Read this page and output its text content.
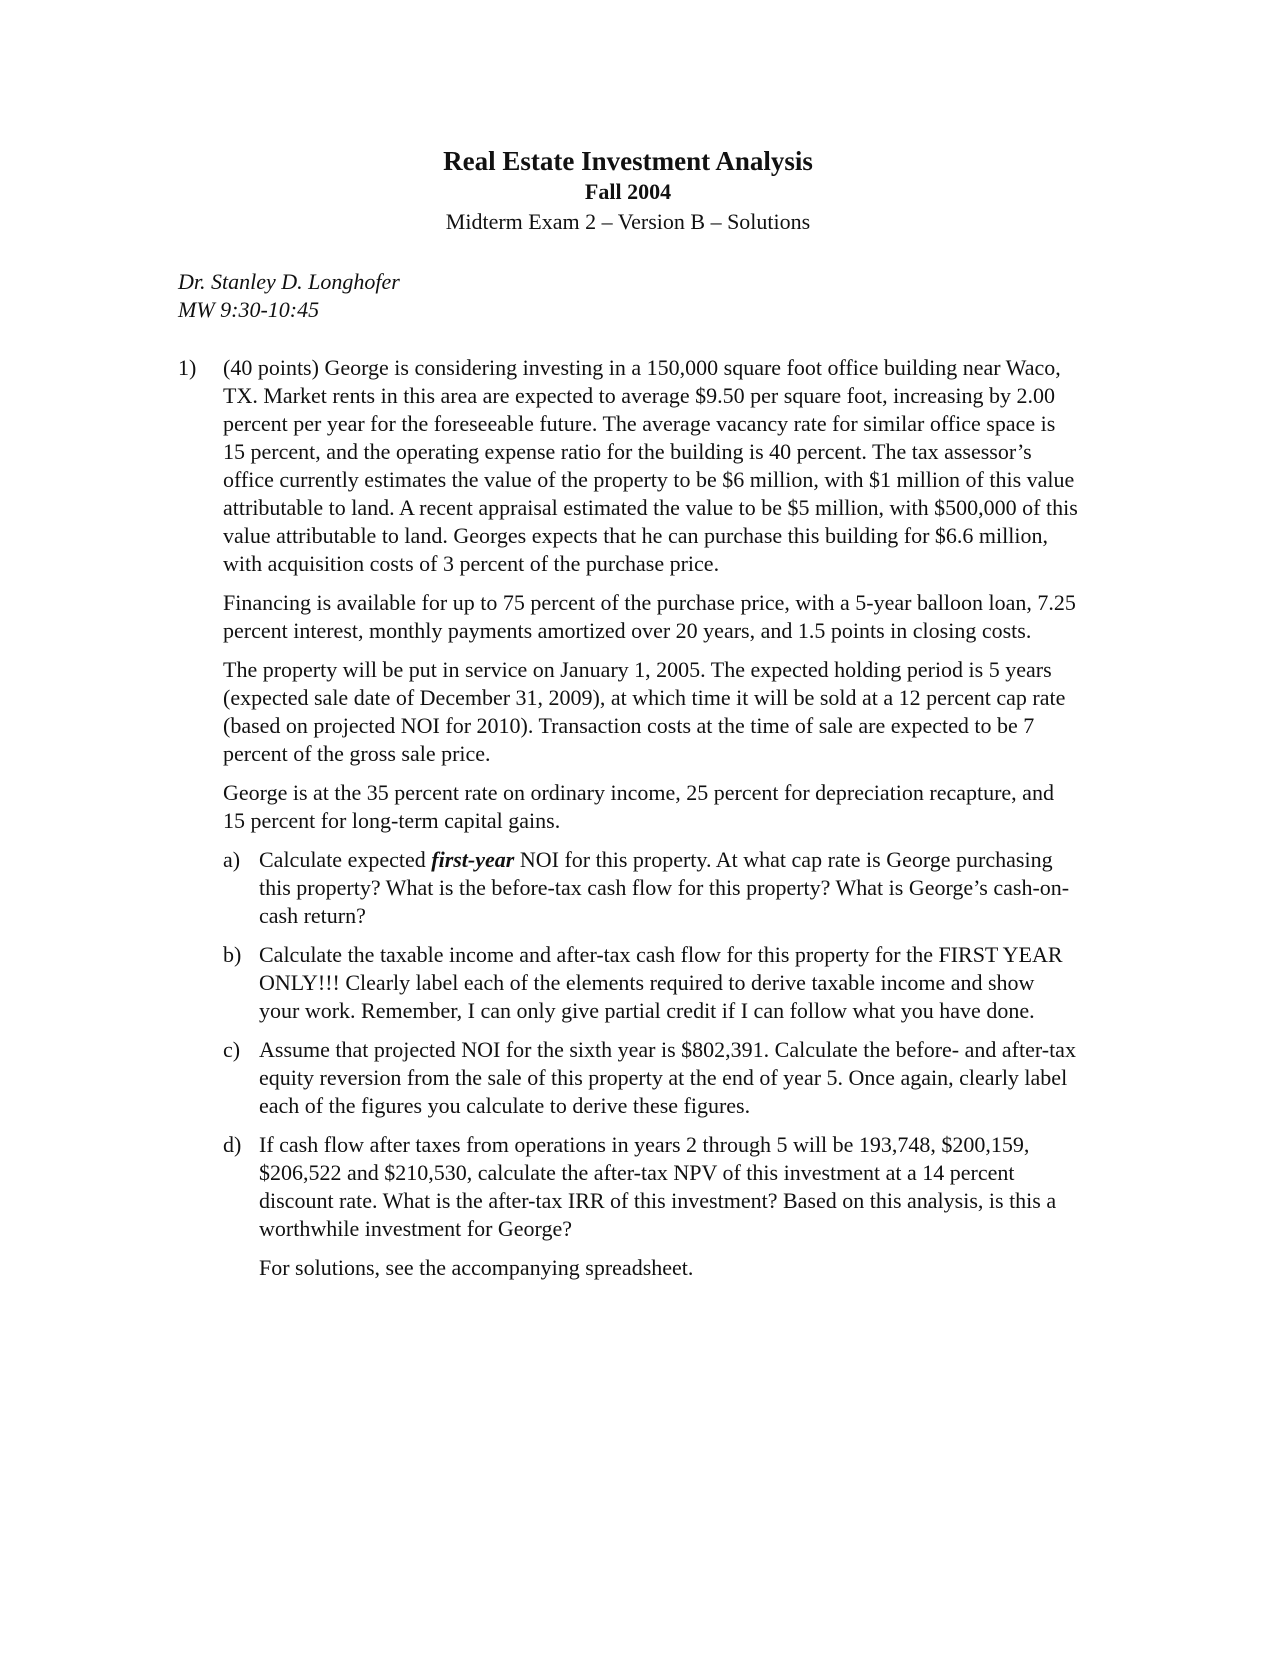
Real Estate Investment Analysis
Fall 2004
Midterm Exam 2 – Version B – Solutions
Dr. Stanley D. Longhofer
MW 9:30-10:45
1) (40 points) George is considering investing in a 150,000 square foot office building near Waco, TX. Market rents in this area are expected to average $9.50 per square foot, increasing by 2.00 percent per year for the foreseeable future. The average vacancy rate for similar office space is 15 percent, and the operating expense ratio for the building is 40 percent. The tax assessor’s office currently estimates the value of the property to be $6 million, with $1 million of this value attributable to land. A recent appraisal estimated the value to be $5 million, with $500,000 of this value attributable to land. Georges expects that he can purchase this building for $6.6 million, with acquisition costs of 3 percent of the purchase price.

Financing is available for up to 75 percent of the purchase price, with a 5-year balloon loan, 7.25 percent interest, monthly payments amortized over 20 years, and 1.5 points in closing costs.

The property will be put in service on January 1, 2005. The expected holding period is 5 years (expected sale date of December 31, 2009), at which time it will be sold at a 12 percent cap rate (based on projected NOI for 2010). Transaction costs at the time of sale are expected to be 7 percent of the gross sale price.

George is at the 35 percent rate on ordinary income, 25 percent for depreciation recapture, and 15 percent for long-term capital gains.

a) Calculate expected first-year NOI for this property. At what cap rate is George purchasing this property? What is the before-tax cash flow for this property? What is George’s cash-on-cash return?
b) Calculate the taxable income and after-tax cash flow for this property for the FIRST YEAR ONLY!!! Clearly label each of the elements required to derive taxable income and show your work. Remember, I can only give partial credit if I can follow what you have done.
c) Assume that projected NOI for the sixth year is $802,391. Calculate the before- and after-tax equity reversion from the sale of this property at the end of year 5. Once again, clearly label each of the figures you calculate to derive these figures.
d) If cash flow after taxes from operations in years 2 through 5 will be 193,748, $200,159, $206,522 and $210,530, calculate the after-tax NPV of this investment at a 14 percent discount rate. What is the after-tax IRR of this investment? Based on this analysis, is this a worthwhile investment for George?
For solutions, see the accompanying spreadsheet.
